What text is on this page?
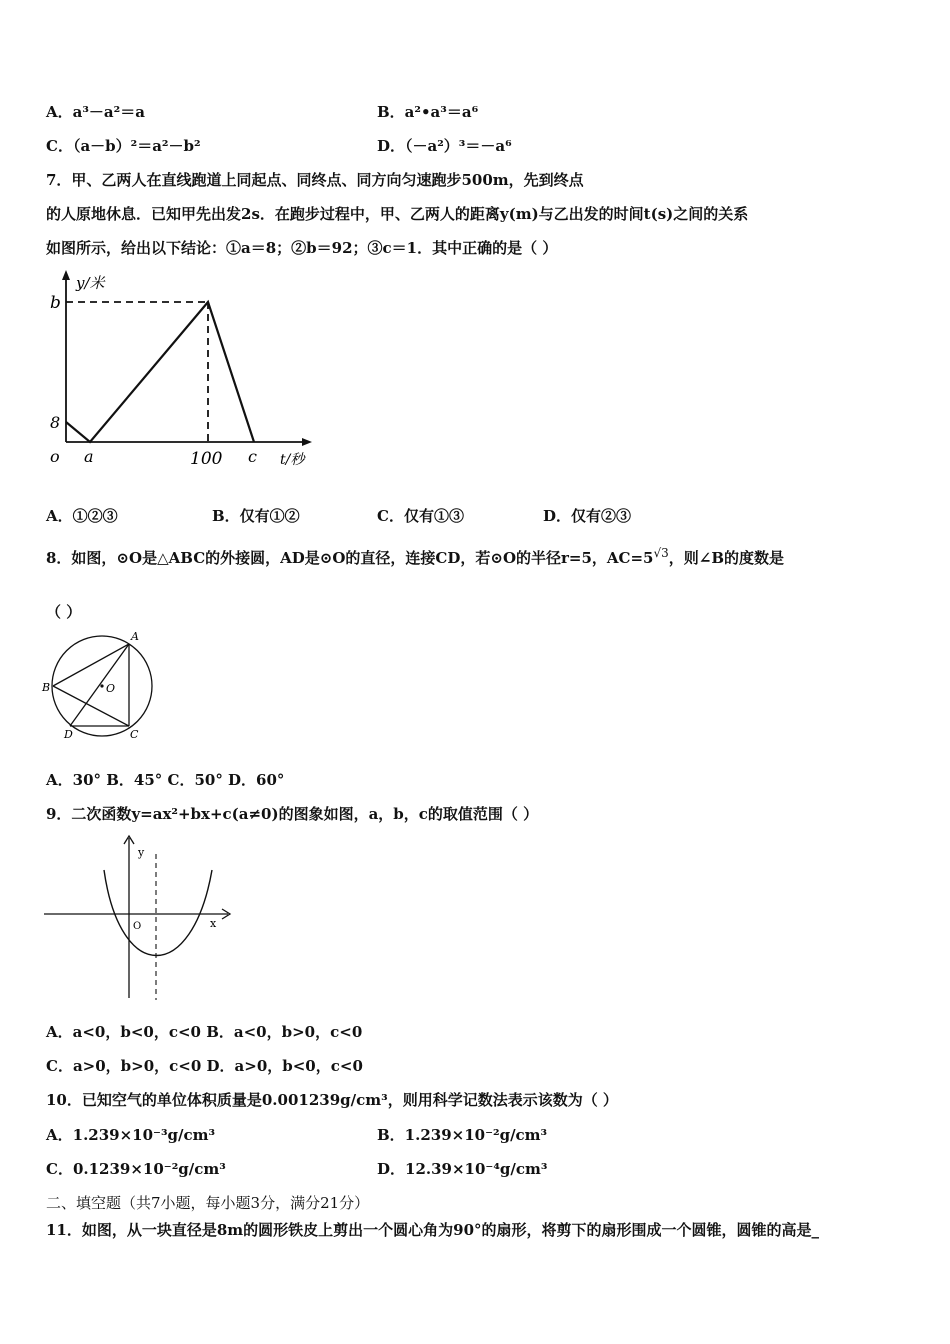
A．a³－a²＝a	B．a²•a³＝a⁶
C．（a－b）²＝a²－b²	D．（－a²）³＝－a⁶
7．甲、乙两人在直线跑道上同起点、同终点、同方向匀速跑步500m，先到终点
的人原地休息．已知甲先出发2s．在跑步过程中，甲、乙两人的距离y(m)与乙出发的时间t(s)之间的关系
如图所示，给出以下结论：①a＝8；②b＝92；③c＝1．其中正确的是（ ）
y/米
b
8
o a	100 c t/秒
A．①②③	B．仅有①②	C．仅有①③	D．仅有②③
8．如图，⊙O是△ABC的外接圆，AD是⊙O的直径，连接CD，若⊙O的半径r=5，$AC=5^{√3}$，则∠B的度数是
（ ）
A
B	O
D	C
A．30° B．45° C．50° D．60°
9．二次函数y=ax²+bx+c(a≠0)的图象如图，a，b，c的取值范围（ ）
y
O	x
A．a<0，b<0，c<0 B．a<0，b>0，c<0
C．a>0，b>0，c<0 D．a>0，b<0，c<0
10．已知空气的单位体积质量是0.001239g/cm³，则用科学记数法表示该数为（ ）
A．1.239×10⁻³g/cm³	B．1.239×10⁻²g/cm³
C．0.1239×10⁻²g/cm³	D．12.39×10⁻⁴g/cm³
二、填空题（共7小题，每小题3分，满分21分）
11．如图，从一块直径是8m的圆形铁皮上剪出一个圆心角为90°的扇形，将剪下的扇形围成一个圆锥，圆锥的高是_
